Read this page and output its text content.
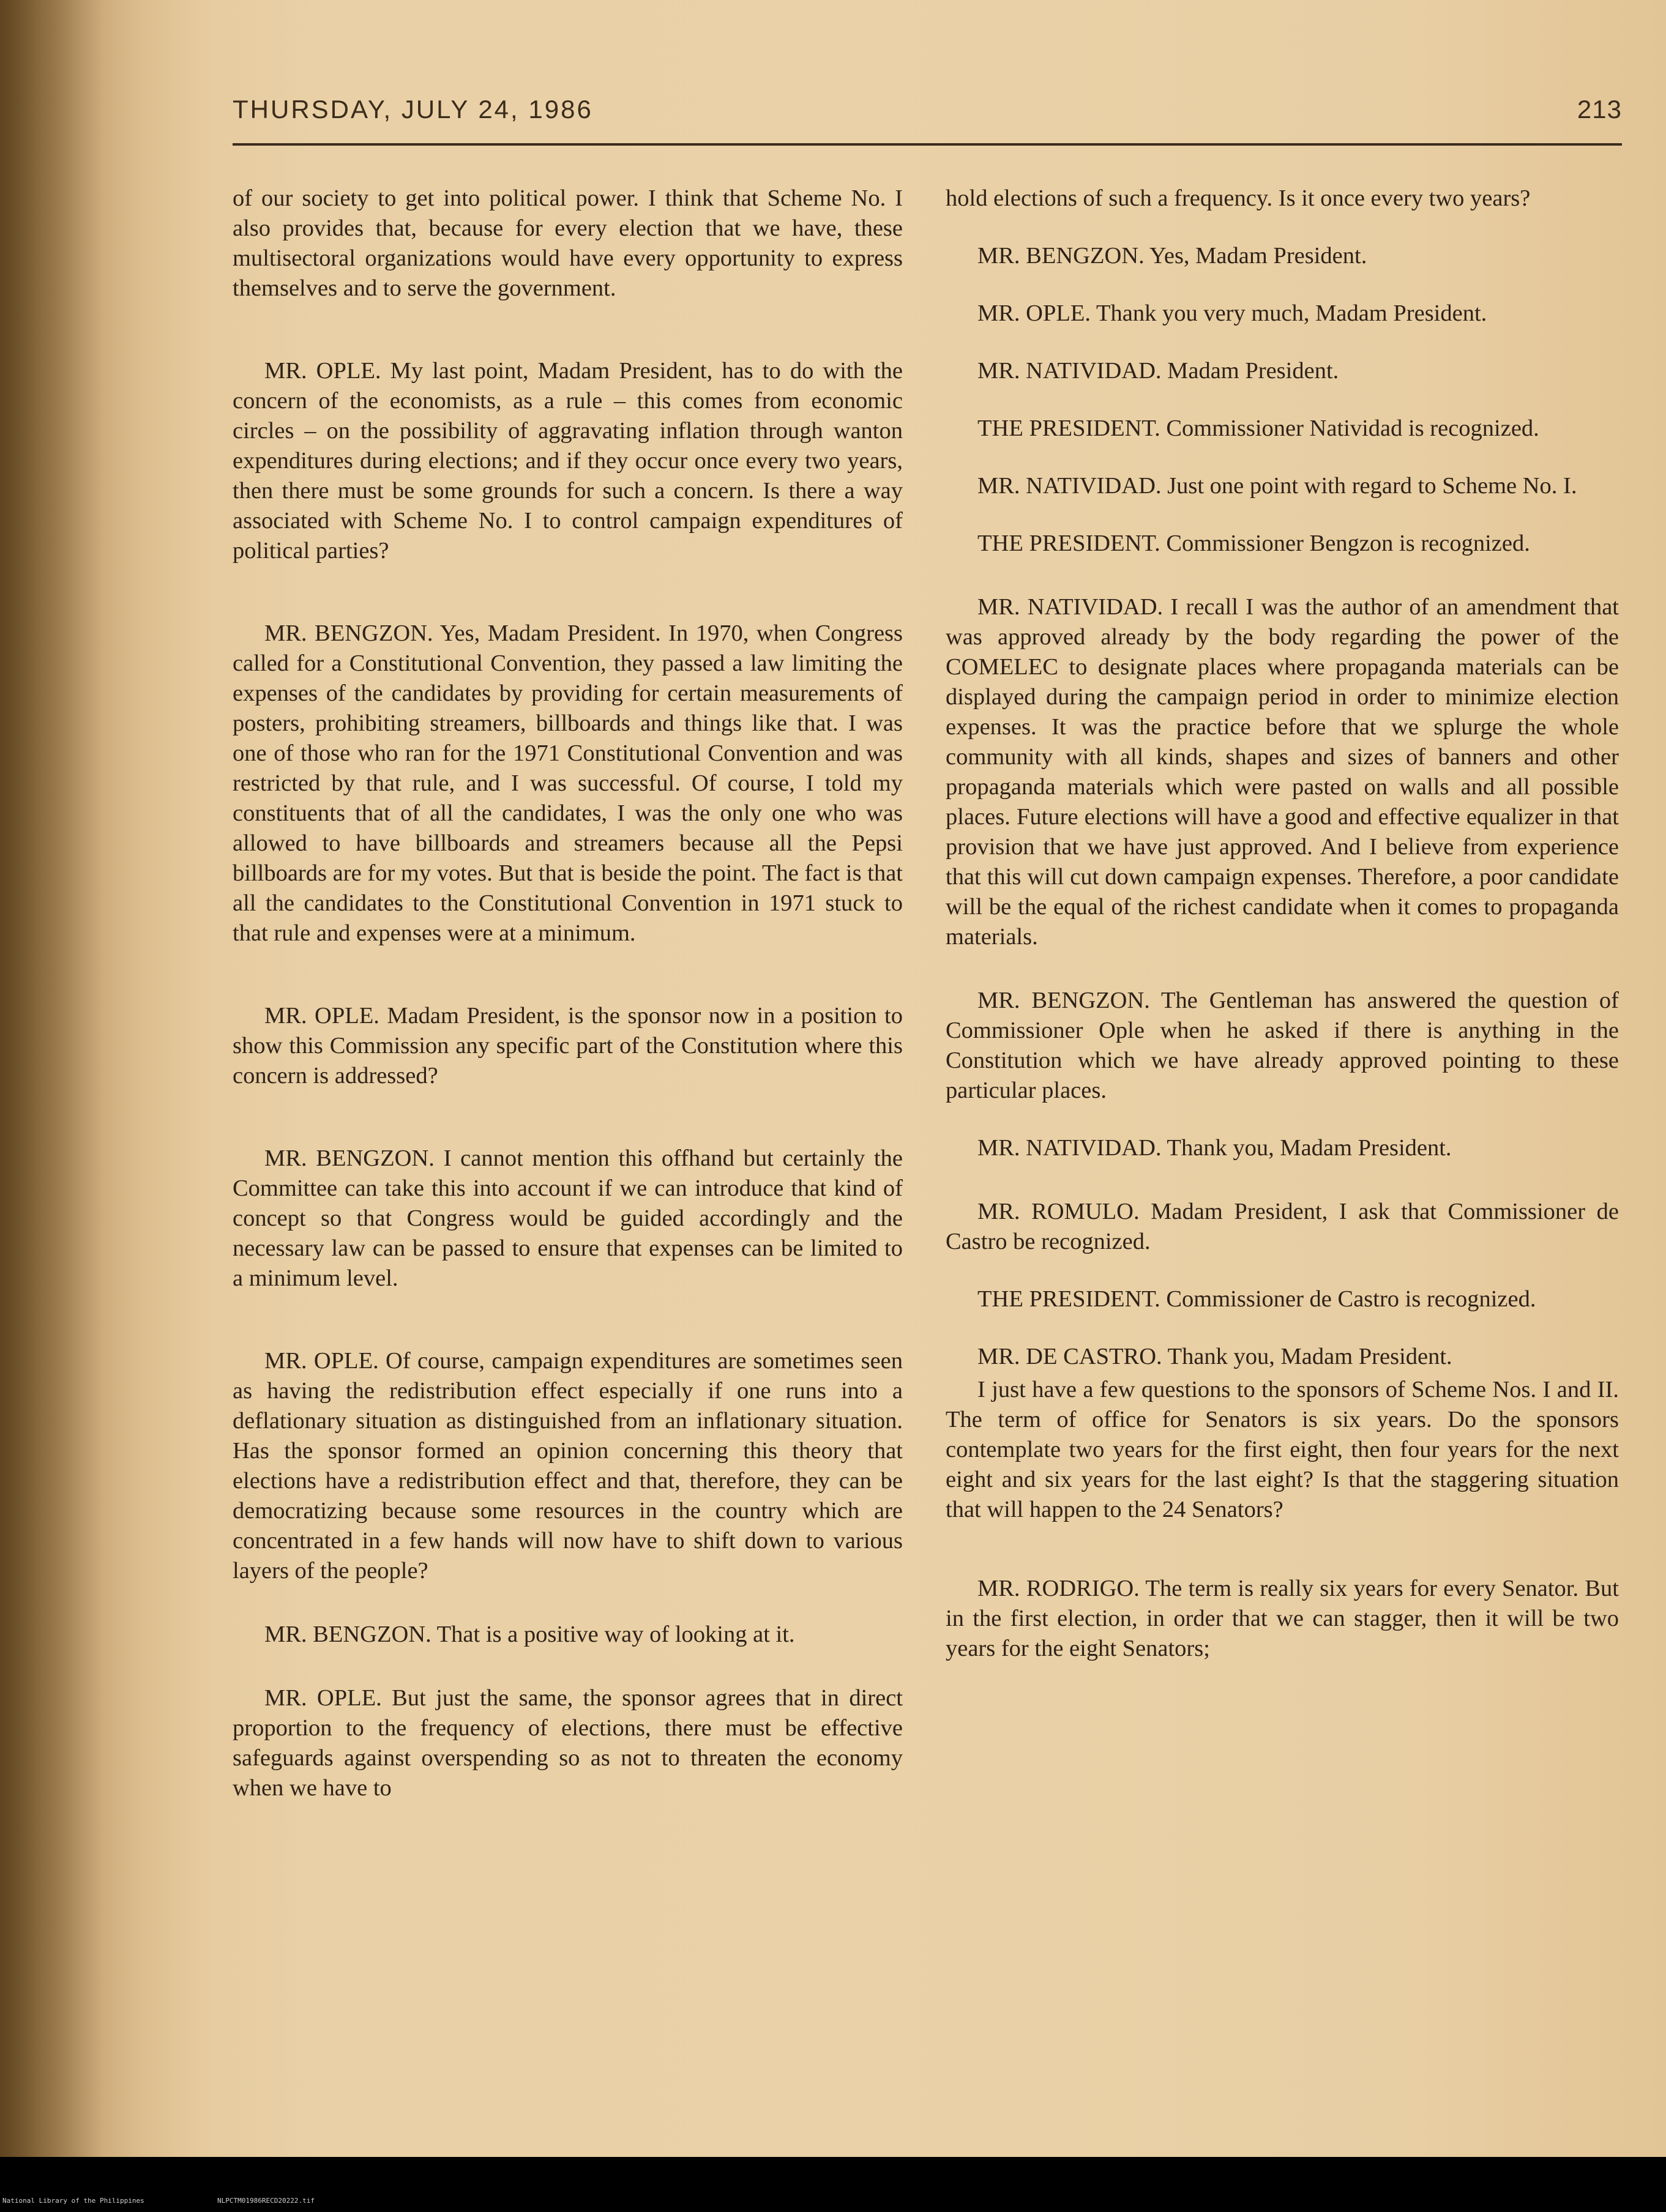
THURSDAY, JULY 24, 1986	213

of our society to get into political power. I think that Scheme No. I also provides that, because for every election that we have, these multisectoral organizations would have every opportunity to express themselves and to serve the government.

MR. OPLE. My last point, Madam President, has to do with the concern of the economists, as a rule – this comes from economic circles – on the possibility of aggravating inflation through wanton expenditures during elections; and if they occur once every two years, then there must be some grounds for such a concern. Is there a way associated with Scheme No. I to control campaign expenditures of political parties?

MR. BENGZON. Yes, Madam President. In 1970, when Congress called for a Constitutional Convention, they passed a law limiting the expenses of the candidates by providing for certain measurements of posters, prohibiting streamers, billboards and things like that. I was one of those who ran for the 1971 Constitutional Convention and was restricted by that rule, and I was successful. Of course, I told my constituents that of all the candidates, I was the only one who was allowed to have billboards and streamers because all the Pepsi billboards are for my votes. But that is beside the point. The fact is that all the candidates to the Constitutional Convention in 1971 stuck to that rule and expenses were at a minimum.

MR. OPLE. Madam President, is the sponsor now in a position to show this Commission any specific part of the Constitution where this concern is addressed?

MR. BENGZON. I cannot mention this offhand but certainly the Committee can take this into account if we can introduce that kind of concept so that Congress would be guided accordingly and the necessary law can be passed to ensure that expenses can be limited to a minimum level.

MR. OPLE. Of course, campaign expenditures are sometimes seen as having the redistribution effect especially if one runs into a deflationary situation as distinguished from an inflationary situation. Has the sponsor formed an opinion concerning this theory that elections have a redistribution effect and that, therefore, they can be democratizing because some resources in the country which are concentrated in a few hands will now have to shift down to various layers of the people?

MR. BENGZON. That is a positive way of looking at it.

MR. OPLE. But just the same, the sponsor agrees that in direct proportion to the frequency of elections, there must be effective safeguards against overspending so as not to threaten the economy when we have to

hold elections of such a frequency. Is it once every two years?

MR. BENGZON. Yes, Madam President.

MR. OPLE. Thank you very much, Madam President.

MR. NATIVIDAD. Madam President.

THE PRESIDENT. Commissioner Natividad is recognized.

MR. NATIVIDAD. Just one point with regard to Scheme No. I.

THE PRESIDENT. Commissioner Bengzon is recognized.

MR. NATIVIDAD. I recall I was the author of an amendment that was approved already by the body regarding the power of the COMELEC to designate places where propaganda materials can be displayed during the campaign period in order to minimize election expenses. It was the practice before that we splurge the whole community with all kinds, shapes and sizes of banners and other propaganda materials which were pasted on walls and all possible places. Future elections will have a good and effective equalizer in that provision that we have just approved. And I believe from experience that this will cut down campaign expenses. Therefore, a poor candidate will be the equal of the richest candidate when it comes to propaganda materials.

MR. BENGZON. The Gentleman has answered the question of Commissioner Ople when he asked if there is anything in the Constitution which we have already approved pointing to these particular places.

MR. NATIVIDAD. Thank you, Madam President.

MR. ROMULO. Madam President, I ask that Commissioner de Castro be recognized.

THE PRESIDENT. Commissioner de Castro is recognized.

MR. DE CASTRO. Thank you, Madam President.

I just have a few questions to the sponsors of Scheme Nos. I and II. The term of office for Senators is six years. Do the sponsors contemplate two years for the first eight, then four years for the next eight and six years for the last eight? Is that the staggering situation that will happen to the 24 Senators?

MR. RODRIGO. The term is really six years for every Senator. But in the first election, in order that we can stagger, then it will be two years for the eight Senators;

National Library of the Philippines	NLPCTM01986RECD20222.tif
